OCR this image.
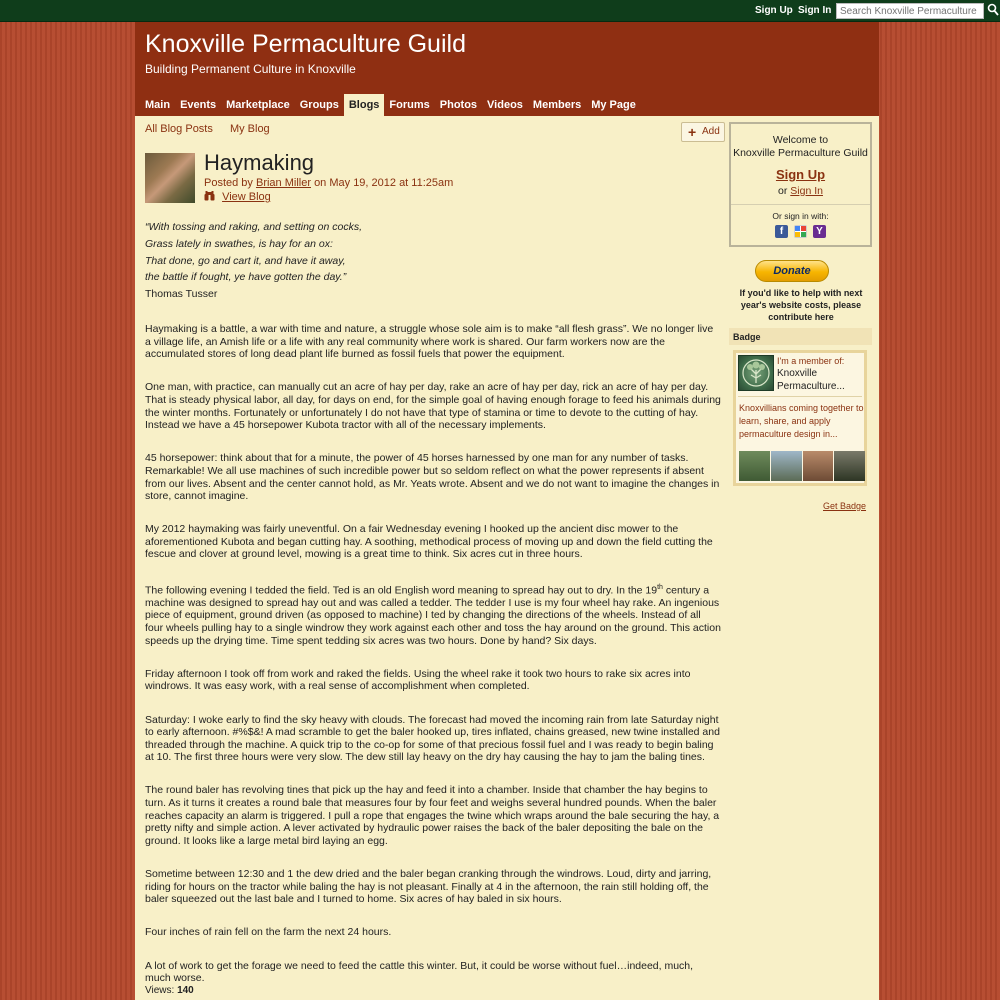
Sign Up Sign In
Search Knoxville Permaculture Guild
Knoxville Permaculture Guild
Building Permanent Culture in Knoxville
Main Events Marketplace Groups Blogs Forums Photos Videos Members My Page
All Blog Posts My Blog	+ Add
Haymaking
Posted by Brian Miller on May 19, 2012 at 11:25am
View Blog
“With tossing and raking, and setting on cocks,
Grass lately in swathes, is hay for an ox:
That done, go and cart it, and have it away,
the battle if fought, ye have gotten the day.”
Thomas Tusser

Haymaking is a battle, a war with time and nature, a struggle whose sole aim is to make “all flesh grass”. We no longer live a village life, an Amish life or a life with any real community where work is shared. Our farm workers now are the accumulated stores of long dead plant life burned as fossil fuels that power the equipment.

One man, with practice, can manually cut an acre of hay per day, rake an acre of hay per day, rick an acre of hay per day. That is steady physical labor, all day, for days on end, for the simple goal of having enough forage to feed his animals during the winter months. Fortunately or unfortunately I do not have that type of stamina or time to devote to the cutting of hay. Instead we have a 45 horsepower Kubota tractor with all of the necessary implements.

45 horsepower: think about that for a minute, the power of 45 horses harnessed by one man for any number of tasks. Remarkable! We all use machines of such incredible power but so seldom reflect on what the power represents if absent from our lives. Absent and the center cannot hold, as Mr. Yeats wrote. Absent and we do not want to imagine the changes in store, cannot imagine.

My 2012 haymaking was fairly uneventful. On a fair Wednesday evening I hooked up the ancient disc mower to the aforementioned Kubota and began cutting hay. A soothing, methodical process of moving up and down the field cutting the fescue and clover at ground level, mowing is a great time to think. Six acres cut in three hours.

The following evening I tedded the field. Ted is an old English word meaning to spread hay out to dry. In the 19th century a machine was designed to spread hay out and was called a tedder. The tedder I use is my four wheel hay rake. An ingenious piece of equipment, ground driven (as opposed to machine) I ted by changing the directions of the wheels. Instead of all four wheels pulling hay to a single windrow they work against each other and toss the hay around on the ground. This action speeds up the drying time. Time spent tedding six acres was two hours. Done by hand? Six days.

Friday afternoon I took off from work and raked the fields. Using the wheel rake it took two hours to rake six acres into windrows. It was easy work, with a real sense of accomplishment when completed.

Saturday: I woke early to find the sky heavy with clouds. The forecast had moved the incoming rain from late Saturday night to early afternoon. #%$&! A mad scramble to get the baler hooked up, tires inflated, chains greased, new twine installed and threaded through the machine. A quick trip to the co-op for some of that precious fossil fuel and I was ready to begin baling at 10. The first three hours were very slow. The dew still lay heavy on the dry hay causing the hay to jam the baling tines.

The round baler has revolving tines that pick up the hay and feed it into a chamber. Inside that chamber the hay begins to turn. As it turns it creates a round bale that measures four by four feet and weighs several hundred pounds. When the baler reaches capacity an alarm is triggered. I pull a rope that engages the twine which wraps around the bale securing the hay, a pretty nifty and simple action. A lever activated by hydraulic power raises the back of the baler depositing the bale on the ground. It looks like a large metal bird laying an egg.

Sometime between 12:30 and 1 the dew dried and the baler began cranking through the windrows. Loud, dirty and jarring, riding for hours on the tractor while baling the hay is not pleasant. Finally at 4 in the afternoon, the rain still holding off, the baler squeezed out the last bale and I turned to home. Six acres of hay baled in six hours.

Four inches of rain fell on the farm the next 24 hours.

A lot of work to get the forage we need to feed the cattle this winter. But, it could be worse without fuel…indeed, much, much worse.

Views: 140
Welcome to
Knoxville Permaculture Guild
Sign Up
or Sign In
Or sign in with:
f	Y
Donate
If you'd like to help with next year's website costs, please contribute here
Badge
I'm a member of:
Knoxville
Permaculture...
Knoxvillians coming together to learn, share, and apply permaculture design in...
Get Badge
